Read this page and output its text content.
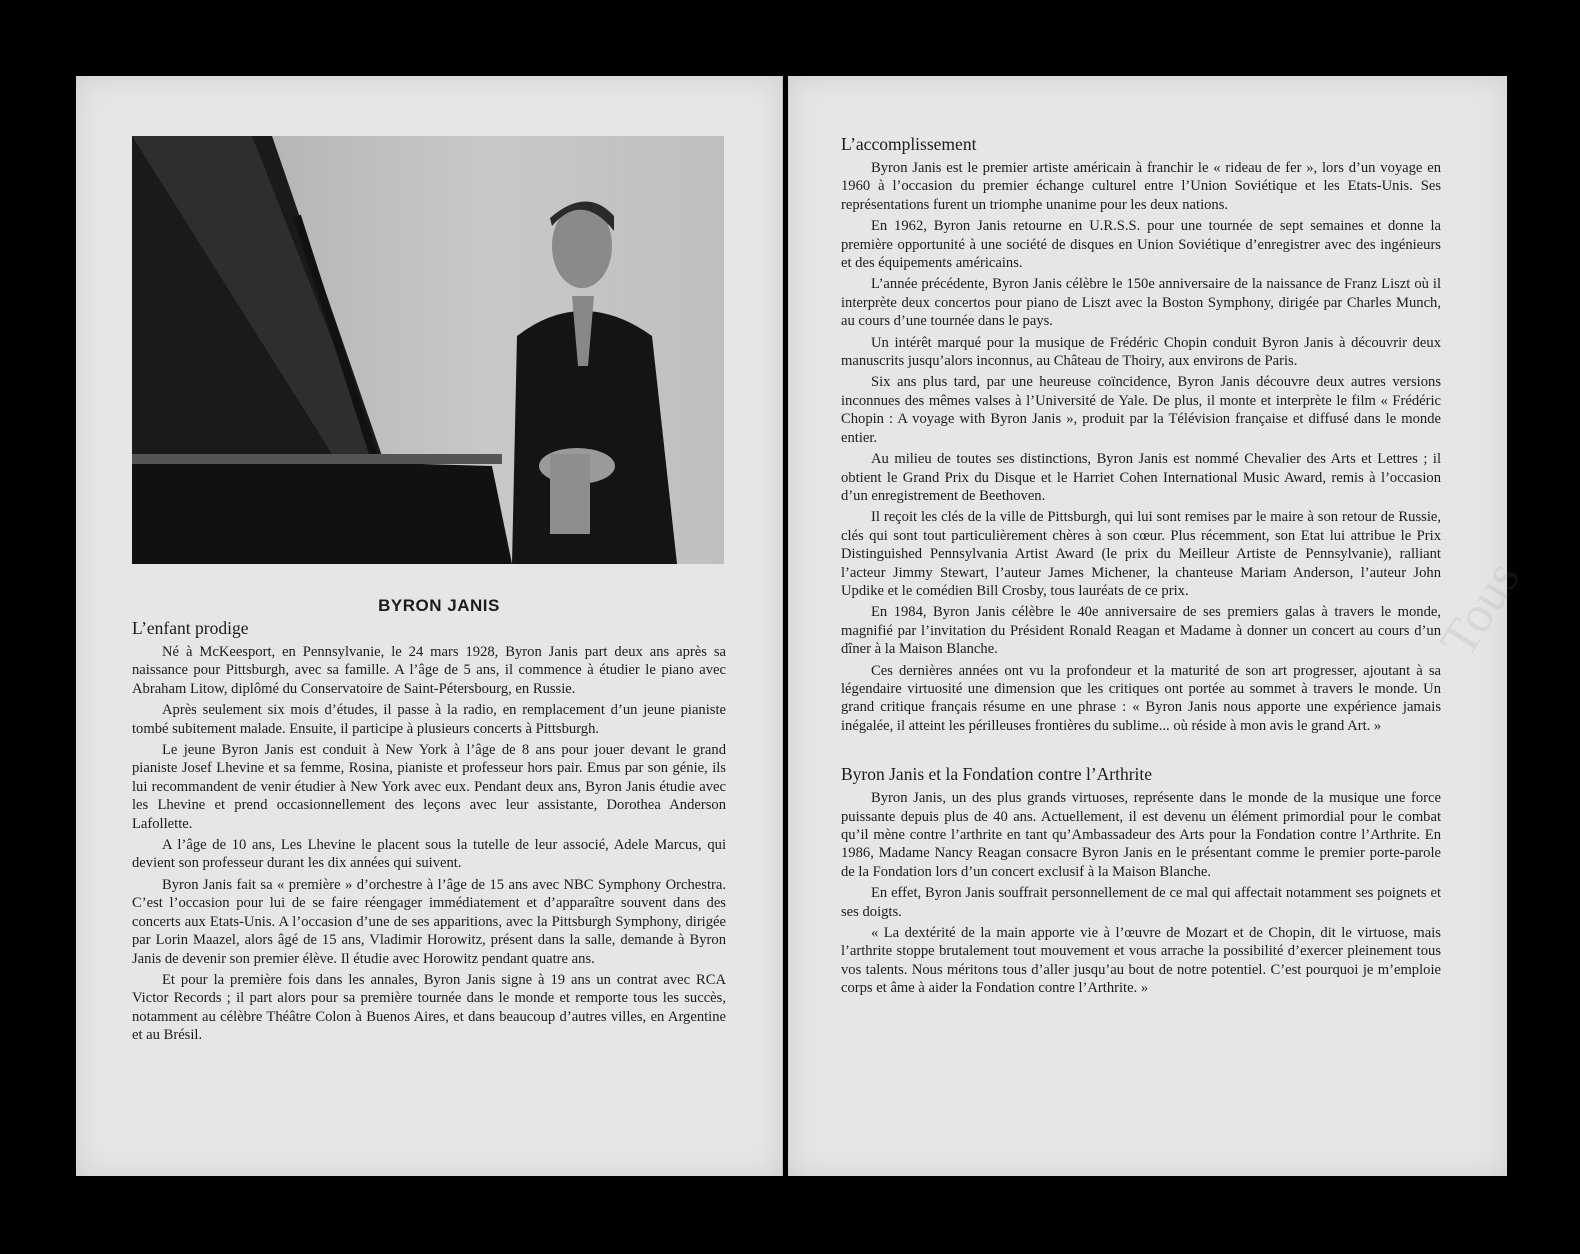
BYRON JANIS
L’enfant prodige

Né à McKeesport, en Pennsylvanie, le 24 mars 1928, Byron Janis part deux ans après sa naissance pour Pittsburgh, avec sa famille. A l’âge de 5 ans, il commence à étudier le piano avec Abraham Litow, diplômé du Conservatoire de Saint-Pétersbourg, en Russie.

Après seulement six mois d’études, il passe à la radio, en remplacement d’un jeune pianiste tombé subitement malade. Ensuite, il participe à plusieurs concerts à Pittsburgh.

Le jeune Byron Janis est conduit à New York à l’âge de 8 ans pour jouer devant le grand pianiste Josef Lhevine et sa femme, Rosina, pianiste et professeur hors pair. Emus par son génie, ils lui recommandent de venir étudier à New York avec eux. Pendant deux ans, Byron Janis étudie avec les Lhevine et prend occasionnellement des leçons avec leur assistante, Dorothea Anderson Lafollette.

A l’âge de 10 ans, Les Lhevine le placent sous la tutelle de leur associé, Adele Marcus, qui devient son professeur durant les dix années qui suivent.

Byron Janis fait sa « première » d’orchestre à l’âge de 15 ans avec NBC Symphony Orchestra. C’est l’occasion pour lui de se faire réengager immédiatement et d’apparaître souvent dans des concerts aux Etats-Unis. A l’occasion d’une de ses apparitions, avec la Pittsburgh Symphony, dirigée par Lorin Maazel, alors âgé de 15 ans, Vladimir Horowitz, présent dans la salle, demande à Byron Janis de devenir son premier élève. Il étudie avec Horowitz pendant quatre ans.

Et pour la première fois dans les annales, Byron Janis signe à 19 ans un contrat avec RCA Victor Records ; il part alors pour sa première tournée dans le monde et remporte tous les succès, notamment au célèbre Théâtre Colon à Buenos Aires, et dans beaucoup d’autres villes, en Argentine et au Brésil.

Tous
L’accomplissement

Byron Janis est le premier artiste américain à franchir le « rideau de fer », lors d’un voyage en 1960 à l’occasion du premier échange culturel entre l’Union Soviétique et les Etats-Unis. Ses représentations furent un triomphe unanime pour les deux nations.

En 1962, Byron Janis retourne en U.R.S.S. pour une tournée de sept semaines et donne la première opportunité à une société de disques en Union Soviétique d’enregistrer avec des ingénieurs et des équipements américains.

L’année précédente, Byron Janis célèbre le 150e anniversaire de la naissance de Franz Liszt où il interprète deux concertos pour piano de Liszt avec la Boston Symphony, dirigée par Charles Munch, au cours d’une tournée dans le pays.

Un intérêt marqué pour la musique de Frédéric Chopin conduit Byron Janis à découvrir deux manuscrits jusqu’alors inconnus, au Château de Thoiry, aux environs de Paris.

Six ans plus tard, par une heureuse coïncidence, Byron Janis découvre deux autres versions inconnues des mêmes valses à l’Université de Yale. De plus, il monte et interprète le film « Frédéric Chopin : A voyage with Byron Janis », produit par la Télévision française et diffusé dans le monde entier.

Au milieu de toutes ses distinctions, Byron Janis est nommé Chevalier des Arts et Lettres ; il obtient le Grand Prix du Disque et le Harriet Cohen International Music Award, remis à l’occasion d’un enregistrement de Beethoven.

Il reçoit les clés de la ville de Pittsburgh, qui lui sont remises par le maire à son retour de Russie, clés qui sont tout particulièrement chères à son cœur. Plus récemment, son Etat lui attribue le Prix Distinguished Pennsylvania Artist Award (le prix du Meilleur Artiste de Pennsylvanie), ralliant l’acteur Jimmy Stewart, l’auteur James Michener, la chanteuse Mariam Anderson, l’auteur John Updike et le comédien Bill Crosby, tous lauréats de ce prix.

En 1984, Byron Janis célèbre le 40e anniversaire de ses premiers galas à travers le monde, magnifié par l’invitation du Président Ronald Reagan et Madame à donner un concert au cours d’un dîner à la Maison Blanche.

Ces dernières années ont vu la profondeur et la maturité de son art progresser, ajoutant à sa légendaire virtuosité une dimension que les critiques ont portée au sommet à travers le monde. Un grand critique français résume en une phrase : « Byron Janis nous apporte une expérience jamais inégalée, il atteint les périlleuses frontières du sublime... où réside à mon avis le grand Art. »

Byron Janis et la Fondation contre l’Arthrite

Byron Janis, un des plus grands virtuoses, représente dans le monde de la musique une force puissante depuis plus de 40 ans. Actuellement, il est devenu un élément primordial pour le combat qu’il mène contre l’arthrite en tant qu’Ambassadeur des Arts pour la Fondation contre l’Arthrite. En 1986, Madame Nancy Reagan consacre Byron Janis en le présentant comme le premier porte-parole de la Fondation lors d’un concert exclusif à la Maison Blanche.

En effet, Byron Janis souffrait personnellement de ce mal qui affectait notamment ses poignets et ses doigts.

« La dextérité de la main apporte vie à l’œuvre de Mozart et de Chopin, dit le virtuose, mais l’arthrite stoppe brutalement tout mouvement et vous arrache la possibilité d’exercer pleinement tous vos talents. Nous méritons tous d’aller jusqu’au bout de notre potentiel. C’est pourquoi je m’emploie corps et âme à aider la Fondation contre l’Arthrite. »
